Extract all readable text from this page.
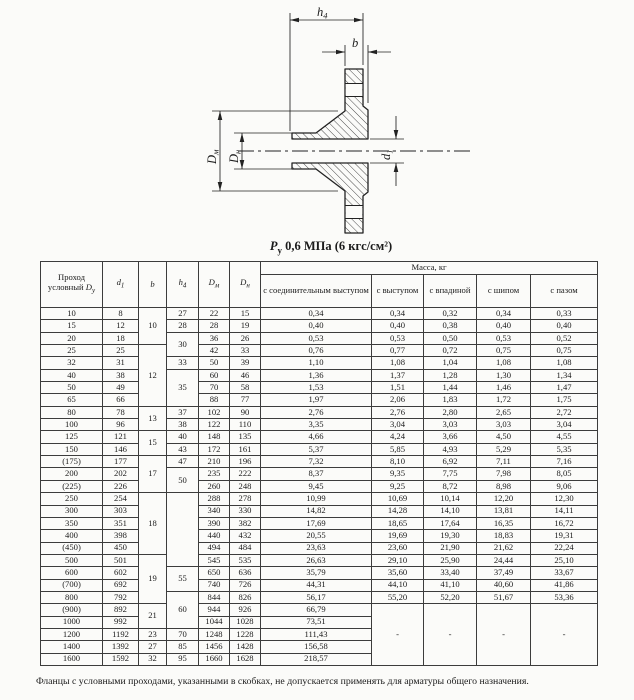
$h_4$
b
$D_м$
$D_н$
$d_1$
$P_у$ 0,6 МПа (6 кгс/см²)
Проход
условный $D_у$	$d_1$	b	$h_4$	$D_м$	$D_н$	Масса, кг				
						с соединительным выступом	с выступом	с впадиной	с шипом	с пазом
10	8	10	27	22	15	0,34	0,34	0,32	0,34	0,33
15	12		28	28	19	0,40	0,40	0,38	0,40	0,40
20	18		30	36	26	0,53	0,53	0,50	0,53	0,52
25	25	12		42	33	0,76	0,77	0,72	0,75	0,75
32	31		33	50	39	1,10	1,08	1,04	1,08	1,08
40	38		35	60	46	1,36	1,37	1,28	1,30	1,34
50	49			70	58	1,53	1,51	1,44	1,46	1,47
65	66			88	77	1,97	2,06	1,83	1,72	1,75
80	78	13	37	102	90	2,76	2,76	2,80	2,65	2,72
100	96		38	122	110	3,35	3,04	3,03	3,03	3,04
125	121	15	40	148	135	4,66	4,24	3,66	4,50	4,55
150	146		43	172	161	5,37	5,85	4,93	5,29	5,35
(175)	177	17	47	210	196	7,32	8,10	6,92	7,11	7,16
200	202		50	235	222	8,37	9,35	7,75	7,98	8,05
(225)	226			260	248	9,45	9,25	8,72	8,98	9,06
250	254	18		288	278	10,99	10,69	10,14	12,20	12,30
300	303			340	330	14,82	14,28	14,10	13,81	14,11
350	351			390	382	17,69	18,65	17,64	16,35	16,72
400	398			440	432	20,55	19,69	19,30	18,83	19,31
(450)	450			494	484	23,63	23,60	21,90	21,62	22,24
500	501	19		545	535	26,63	29,10	25,90	24,44	25,10
600	602		55	650	636	35,79	35,60	33,40	37,49	33,67
(700)	692			740	726	44,31	44,10	41,10	40,60	41,86
800	792		60	844	826	56,17	55,20	52,20	51,67	53,36
(900)	892	21		944	926	66,79	-	-	-	-
1000	992			1044	1028	73,51				
1200	1192	23	70	1248	1228	111,43				
1400	1392	27	85	1456	1428	156,58				
1600	1592	32	95	1660	1628	218,57				
Фланцы с условными проходами, указанными в скобках, не допускается применять для арматуры общего назначения.
